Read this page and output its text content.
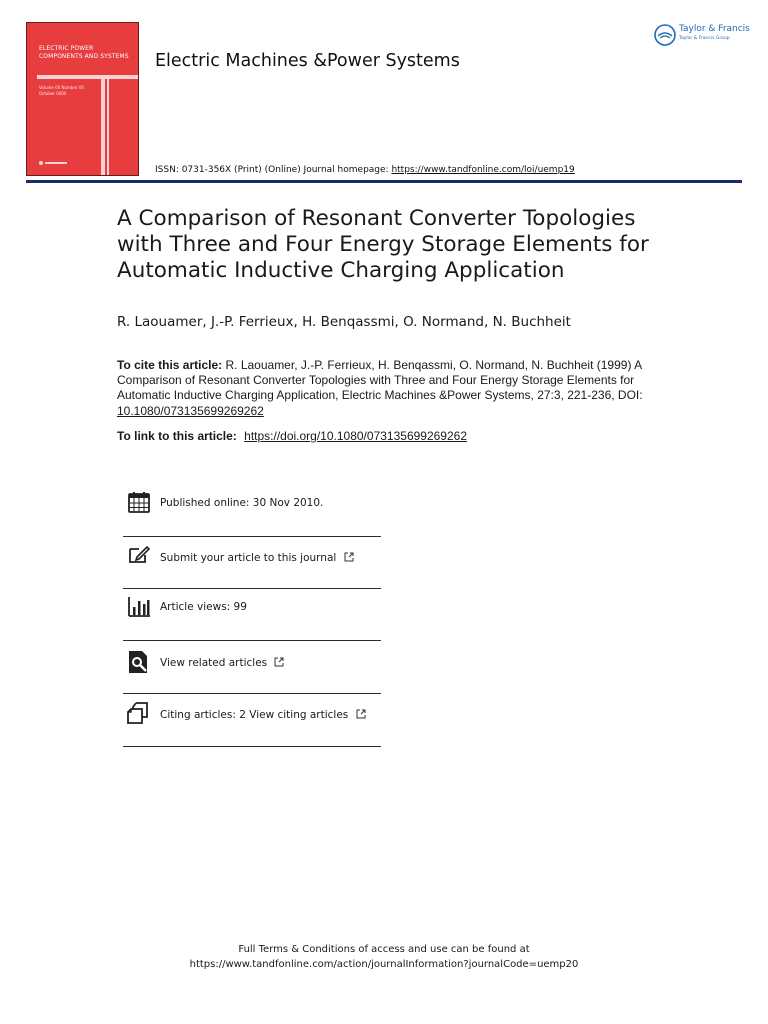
ELECTRIC POWER COMPONENTS AND SYSTEMS
Volume 00 Number 00 October 0000
Electric Machines &Power Systems
ISSN: 0731-356X (Print) (Online) Journal homepage: https://www.tandfonline.com/loi/uemp19
Taylor & Francis
Taylor & Francis Group
A Comparison of Resonant Converter Topologies with Three and Four Energy Storage Elements for Automatic Inductive Charging Application
R. Laouamer, J.-P. Ferrieux, H. Benqassmi, O. Normand, N. Buchheit
To cite this article: R. Laouamer, J.-P. Ferrieux, H. Benqassmi, O. Normand, N. Buchheit (1999) A Comparison of Resonant Converter Topologies with Three and Four Energy Storage Elements for Automatic Inductive Charging Application, Electric Machines &Power Systems, 27:3, 221-236, DOI: 10.1080/073135699269262
To link to this article: https://doi.org/10.1080/073135699269262
Published online: 30 Nov 2010.
Submit your article to this journal
Article views: 99
View related articles
Citing articles: 2 View citing articles
Full Terms & Conditions of access and use can be found at
https://www.tandfonline.com/action/journalInformation?journalCode=uemp20
